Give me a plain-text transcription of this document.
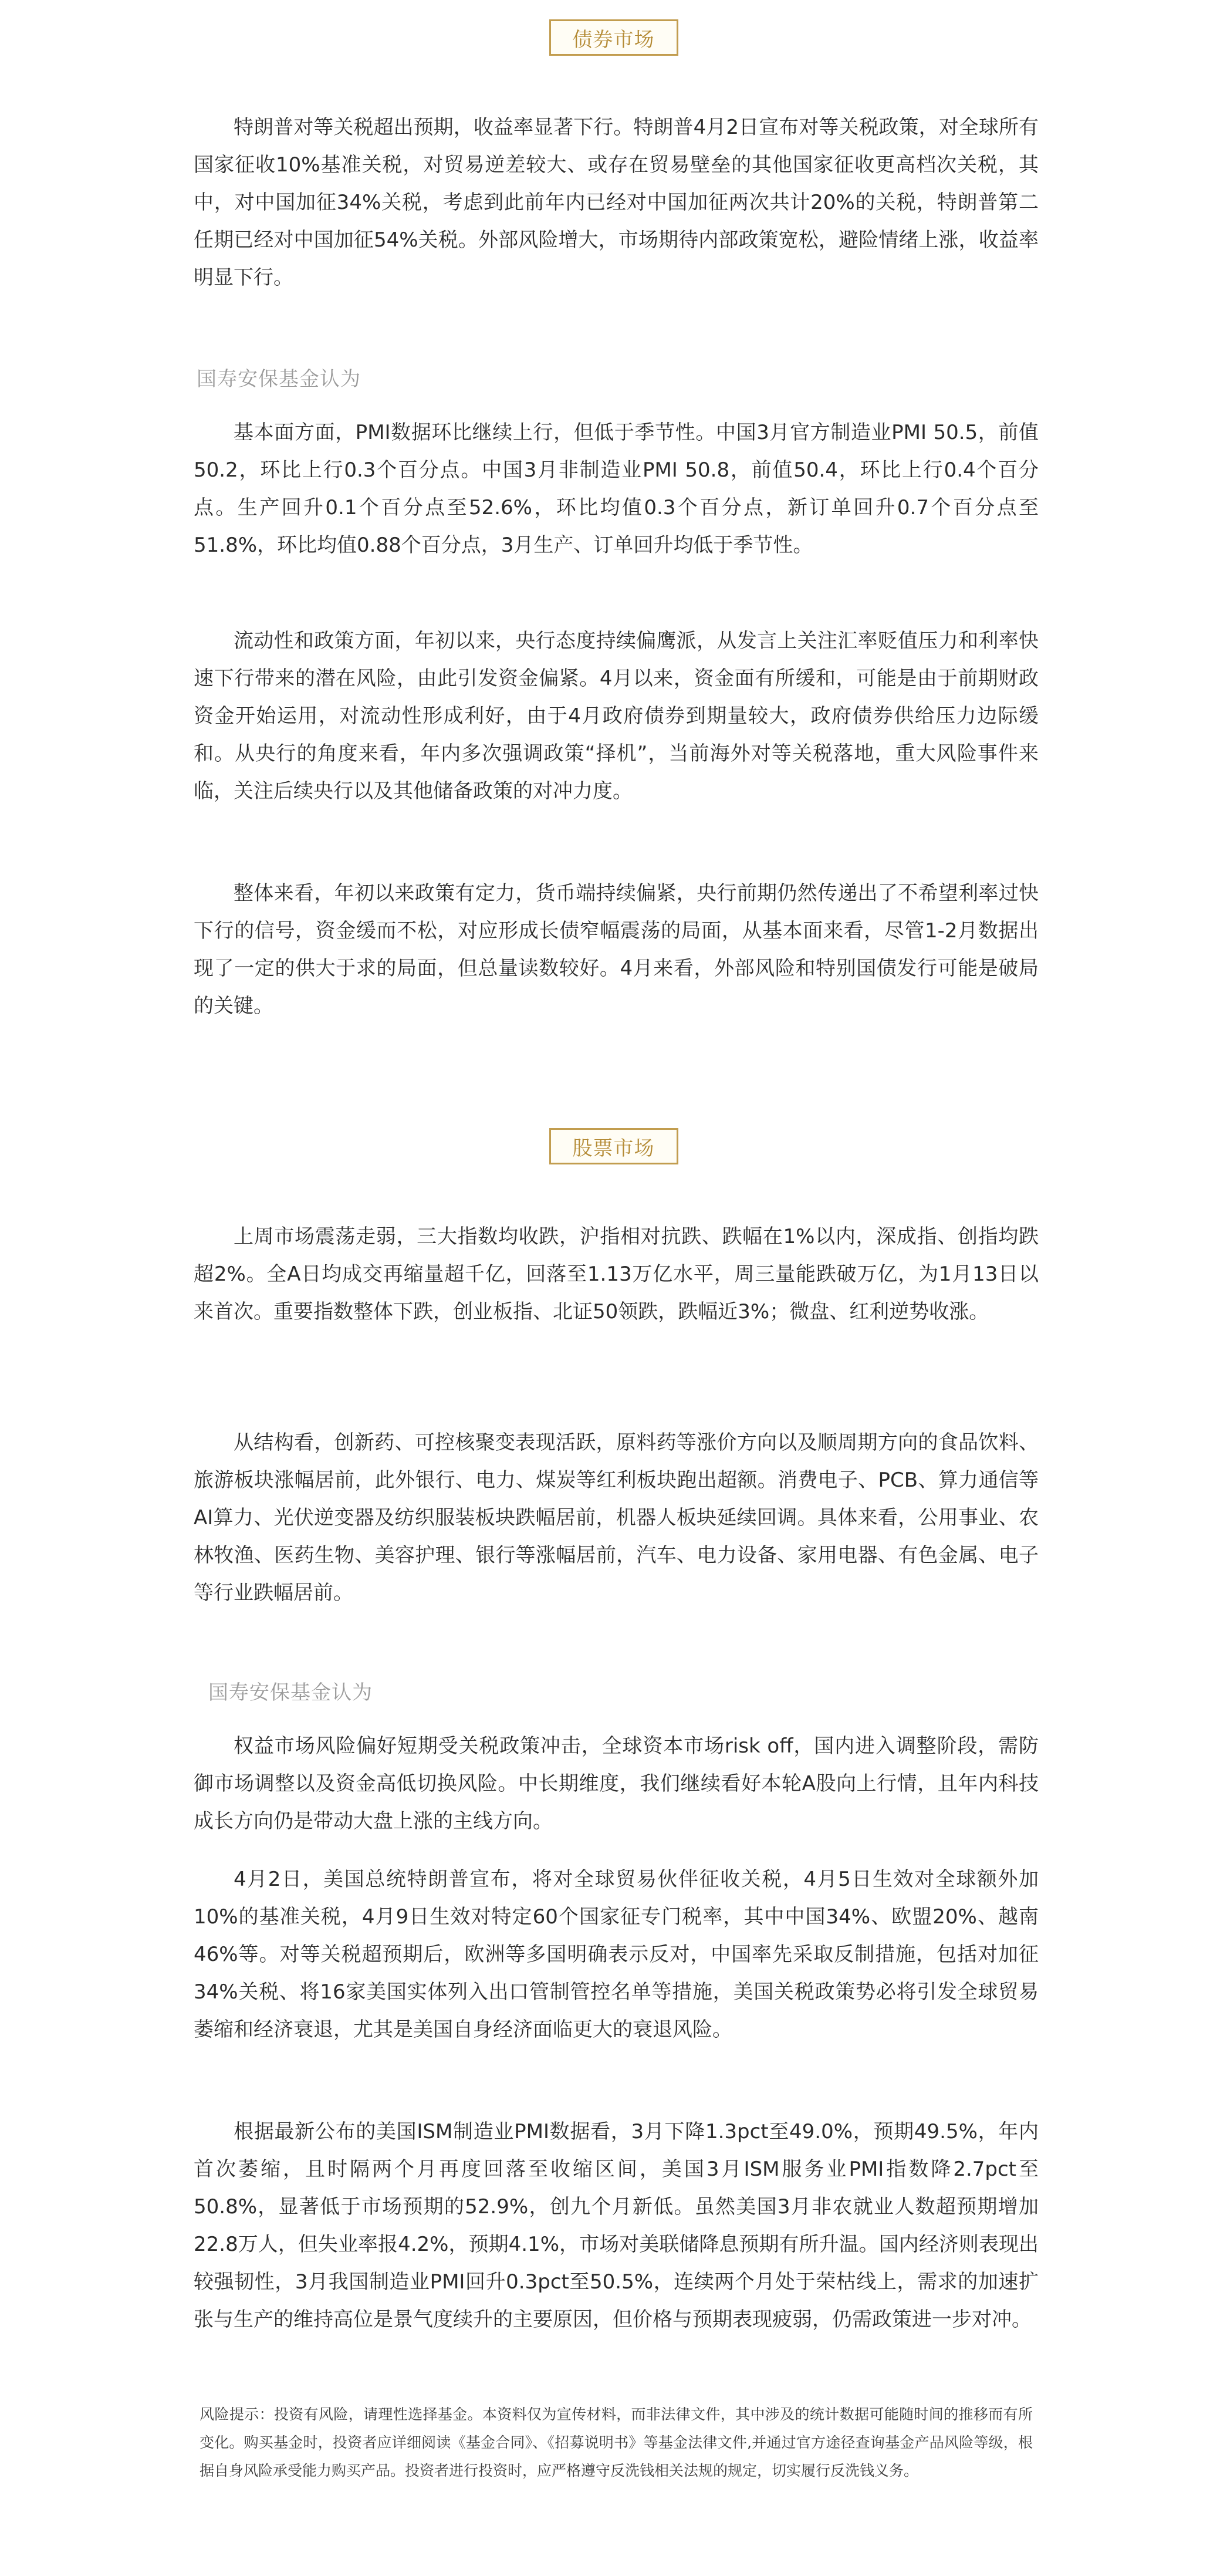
债券市场

特朗普对等关税超出预期，收益率显著下行。特朗普4月2日宣布对等关税政策，对全球所有国家征收10%基准关税，对贸易逆差较大、或存在贸易壁垒的其他国家征收更高档次关税，其中，对中国加征34%关税，考虑到此前年内已经对中国加征两次共计20%的关税，特朗普第二任期已经对中国加征54%关税。外部风险增大，市场期待内部政策宽松，避险情绪上涨，收益率明显下行。

国寿安保基金认为

基本面方面，PMI数据环比继续上行，但低于季节性。中国3月官方制造业PMI 50.5，前值50.2，环比上行0.3个百分点。中国3月非制造业PMI 50.8，前值50.4，环比上行0.4个百分点。生产回升0.1个百分点至52.6%，环比均值0.3个百分点，新订单回升0.7个百分点至51.8%，环比均值0.88个百分点，3月生产、订单回升均低于季节性。

流动性和政策方面，年初以来，央行态度持续偏鹰派，从发言上关注汇率贬值压力和利率快速下行带来的潜在风险，由此引发资金偏紧。4月以来，资金面有所缓和，可能是由于前期财政资金开始运用，对流动性形成利好，由于4月政府债券到期量较大，政府债券供给压力边际缓和。从央行的角度来看，年内多次强调政策“择机”，当前海外对等关税落地，重大风险事件来临，关注后续央行以及其他储备政策的对冲力度。

整体来看，年初以来政策有定力，货币端持续偏紧，央行前期仍然传递出了不希望利率过快下行的信号，资金缓而不松，对应形成长债窄幅震荡的局面，从基本面来看，尽管1-2月数据出现了一定的供大于求的局面，但总量读数较好。4月来看，外部风险和特别国债发行可能是破局的关键。

股票市场

上周市场震荡走弱，三大指数均收跌，沪指相对抗跌、跌幅在1%以内，深成指、创指均跌超2%。全A日均成交再缩量超千亿，回落至1.13万亿水平，周三量能跌破万亿，为1月13日以来首次。重要指数整体下跌，创业板指、北证50领跌，跌幅近3%；微盘、红利逆势收涨。

从结构看，创新药、可控核聚变表现活跃，原料药等涨价方向以及顺周期方向的食品饮料、旅游板块涨幅居前，此外银行、电力、煤炭等红利板块跑出超额。消费电子、PCB、算力通信等AI算力、光伏逆变器及纺织服装板块跌幅居前，机器人板块延续回调。具体来看，公用事业、农林牧渔、医药生物、美容护理、银行等涨幅居前，汽车、电力设备、家用电器、有色金属、电子等行业跌幅居前。

国寿安保基金认为

权益市场风险偏好短期受关税政策冲击，全球资本市场risk off，国内进入调整阶段，需防御市场调整以及资金高低切换风险。中长期维度，我们继续看好本轮A股向上行情，且年内科技成长方向仍是带动大盘上涨的主线方向。

4月2日，美国总统特朗普宣布，将对全球贸易伙伴征收关税，4月5日生效对全球额外加10%的基准关税，4月9日生效对特定60个国家征专门税率，其中中国34%、欧盟20%、越南46%等。对等关税超预期后，欧洲等多国明确表示反对，中国率先采取反制措施，包括对加征34%关税、将16家美国实体列入出口管制管控名单等措施，美国关税政策势必将引发全球贸易萎缩和经济衰退，尤其是美国自身经济面临更大的衰退风险。

根据最新公布的美国ISM制造业PMI数据看，3月下降1.3pct至49.0%，预期49.5%，年内首次萎缩，且时隔两个月再度回落至收缩区间，美国3月ISM服务业PMI指数降2.7pct至50.8%，显著低于市场预期的52.9%，创九个月新低。虽然美国3月非农就业人数超预期增加22.8万人，但失业率报4.2%，预期4.1%，市场对美联储降息预期有所升温。国内经济则表现出较强韧性，3月我国制造业PMI回升0.3pct至50.5%，连续两个月处于荣枯线上，需求的加速扩张与生产的维持高位是景气度续升的主要原因，但价格与预期表现疲弱，仍需政策进一步对冲。

风险提示：投资有风险，请理性选择基金。本资料仅为宣传材料，而非法律文件，其中涉及的统计数据可能随时间的推移而有所变化。购买基金时，投资者应详细阅读《基金合同》、《招募说明书》等基金法律文件,并通过官方途径查询基金产品风险等级，根据自身风险承受能力购买产品。投资者进行投资时，应严格遵守反洗钱相关法规的规定，切实履行反洗钱义务。
